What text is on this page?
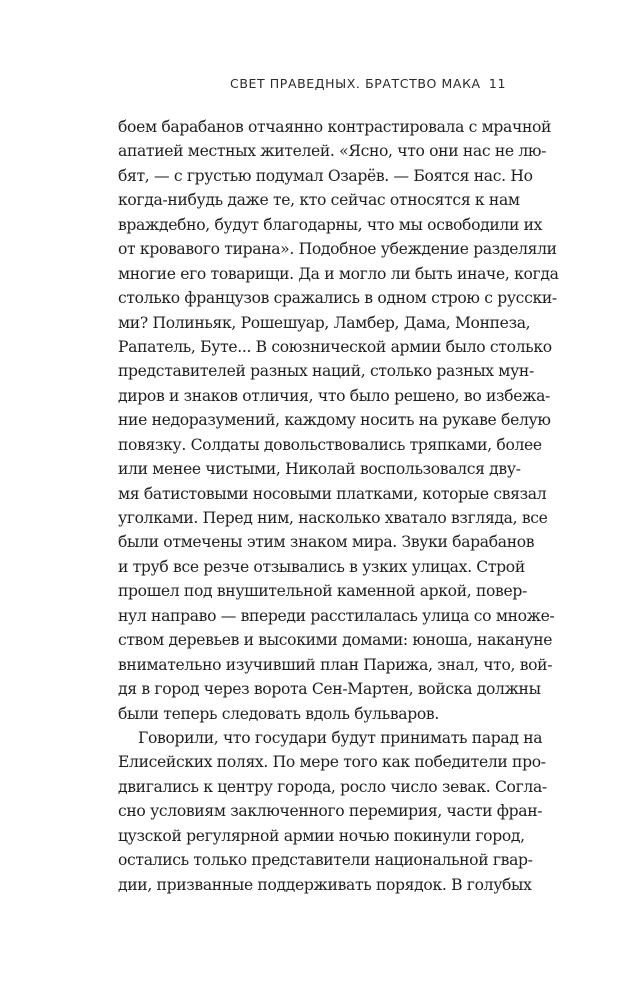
СВЕТ ПРАВЕДНЫХ. БРАТСТВО МАКА 11
боем барабанов отчаянно контрастировала с мрачной
апатией местных жителей. «Ясно, что они нас не лю-
бят, — с грустью подумал Озарёв. — Боятся нас. Но
когда-нибудь даже те, кто сейчас относятся к нам
враждебно, будут благодарны, что мы освободили их
от кровавого тирана». Подобное убеждение разделяли
многие его товарищи. Да и могло ли быть иначе, когда
столько французов сражались в одном строю с русски-
ми? Полиньяк, Рошешуар, Ламбер, Дама, Монпеза,
Рапатель, Буте... В союзнической армии было столько
представителей разных наций, столько разных мун-
диров и знаков отличия, что было решено, во избежа-
ние недоразумений, каждому носить на рукаве белую
повязку. Солдаты довольствовались тряпками, более
или менее чистыми, Николай воспользовался дву-
мя батистовыми носовыми платками, которые связал
уголками. Перед ним, насколько хватало взгляда, все
были отмечены этим знаком мира. Звуки барабанов
и труб все резче отзывались в узких улицах. Строй
прошел под внушительной каменной аркой, повер-
нул направо — впереди расстилалась улица со множе-
ством деревьев и высокими домами: юноша, накануне
внимательно изучивший план Парижа, знал, что, вой-
дя в город через ворота Сен-Мартен, войска должны
были теперь следовать вдоль бульваров.
Говорили, что государи будут принимать парад на
Елисейских полях. По мере того как победители про-
двигались к центру города, росло число зевак. Согла-
сно условиям заключенного перемирия, части фран-
цузской регулярной армии ночью покинули город,
остались только представители национальной гвар-
дии, призванные поддерживать порядок. В голубых
